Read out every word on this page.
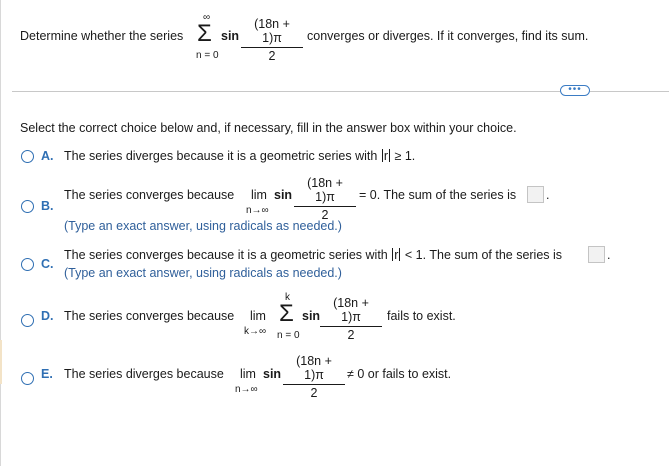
Determine whether the series
∞
Σ
n = 0
$\sin \frac{(18n + 1)\pi}{2}$ converges or diverges. If it converges, find its sum.
•••
Select the correct choice below and, if necessary, fill in the answer box within your choice.
A. The series diverges because it is a geometric series with r ≥ 1.
B.
The series converges because lim
n→∞
$\sin \frac{(18n + 1)\pi}{2} = 0$. The sum of the series is .
(Type an exact answer, using radicals as needed.)
C.
The series converges because it is a geometric series with r < 1. The sum of the series is	.
(Type an exact answer, using radicals as needed.)
D. The series converges because lim
k→∞
k
Σ
n = 0
$\sin \frac{(18n + 1)\pi}{2}$ fails to exist.
E. The series diverges because lim
n→∞
$\sin \frac{(18n + 1)\pi}{2} \ne 0$ or fails to exist.
